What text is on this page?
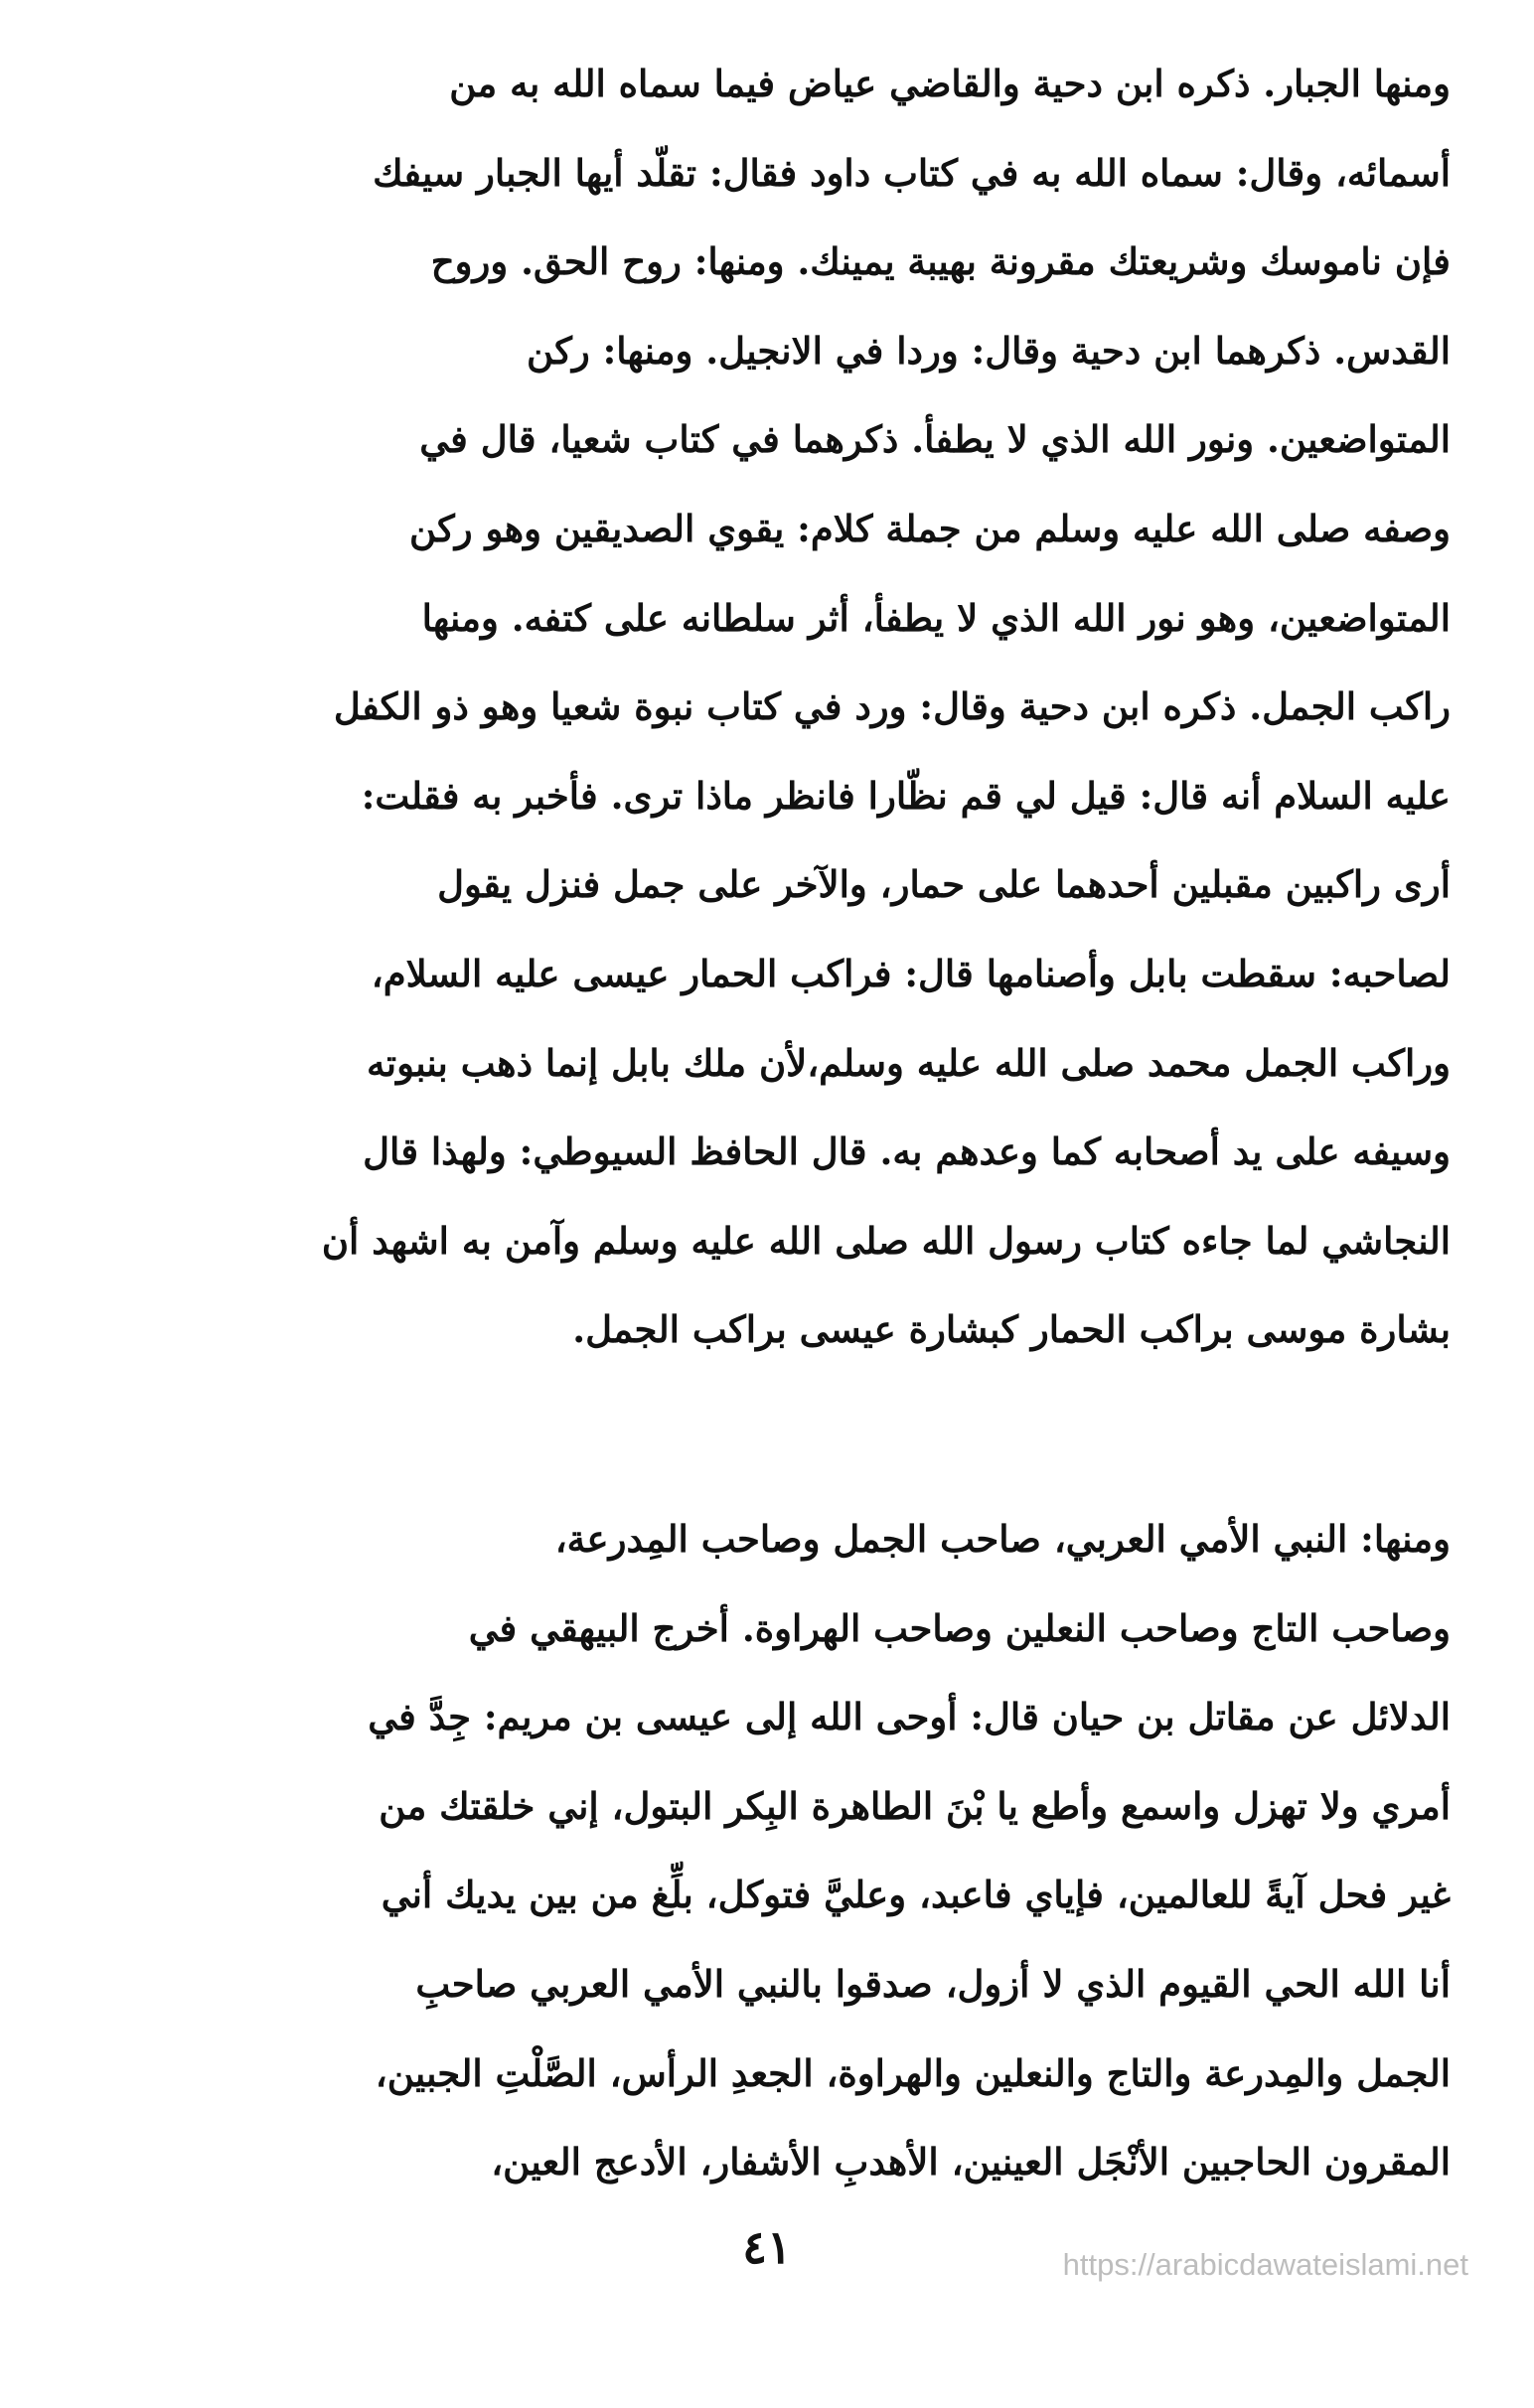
ومنها الجبار. ذكره ابن دحية والقاضي عياض فيما سماه الله به من

أسمائه، وقال: سماه الله به في كتاب داود فقال: تقلّد أيها الجبار سيفك

فإن ناموسك وشريعتك مقرونة بهيبة يمينك. ومنها: روح الحق. وروح

القدس. ذكرهما ابن دحية وقال: وردا في الانجيل. ومنها: ركن

المتواضعين. ونور الله الذي لا يطفأ. ذكرهما في كتاب شعيا، قال في

وصفه صلى الله عليه وسلم من جملة كلام: يقوي الصديقين وهو ركن

المتواضعين، وهو نور الله الذي لا يطفأ، أثر سلطانه على كتفه. ومنها

راكب الجمل. ذكره ابن دحية وقال: ورد في كتاب نبوة شعيا وهو ذو الكفل

عليه السلام أنه قال: قيل لي قم نظّارا فانظر ماذا ترى. فأخبر به فقلت:

أرى راكبين مقبلين أحدهما على حمار، والآخر على جمل فنزل يقول

لصاحبه: سقطت بابل وأصنامها قال: فراكب الحمار عيسى عليه السلام،

وراكب الجمل محمد صلى الله عليه وسلم،لأن ملك بابل إنما ذهب بنبوته

وسيفه على يد أصحابه كما وعدهم به. قال الحافظ السيوطي: ولهذا قال

النجاشي لما جاءه كتاب رسول الله صلى الله عليه وسلم وآمن به اشهد أن

بشارة موسى براكب الحمار كبشارة عيسى براكب الجمل.

ومنها: النبي الأمي العربي، صاحب الجمل وصاحب المِدرعة،

وصاحب التاج وصاحب النعلين وصاحب الهراوة. أخرج البيهقي في

الدلائل عن مقاتل بن حيان قال: أوحى الله إلى عيسى بن مريم: جِدَّ في

أمري ولا تهزل واسمع وأطع يا بْنَ الطاهرة البِكر البتول، إني خلقتك من

غير فحل آيةً للعالمين، فإياي فاعبد، وعليَّ فتوكل، بلِّغ من بين يديك أني

أنا الله الحي القيوم الذي لا أزول، صدقوا بالنبي الأمي العربي صاحبِ

الجمل والمِدرعة والتاج والنعلين والهراوة، الجعدِ الرأس، الصَّلْتِ الجبين،

المقرون الحاجبين الأنْجَل العينين، الأهدبِ الأشفار، الأدعج العين،

٤١	https://arabicdawateislami.net
